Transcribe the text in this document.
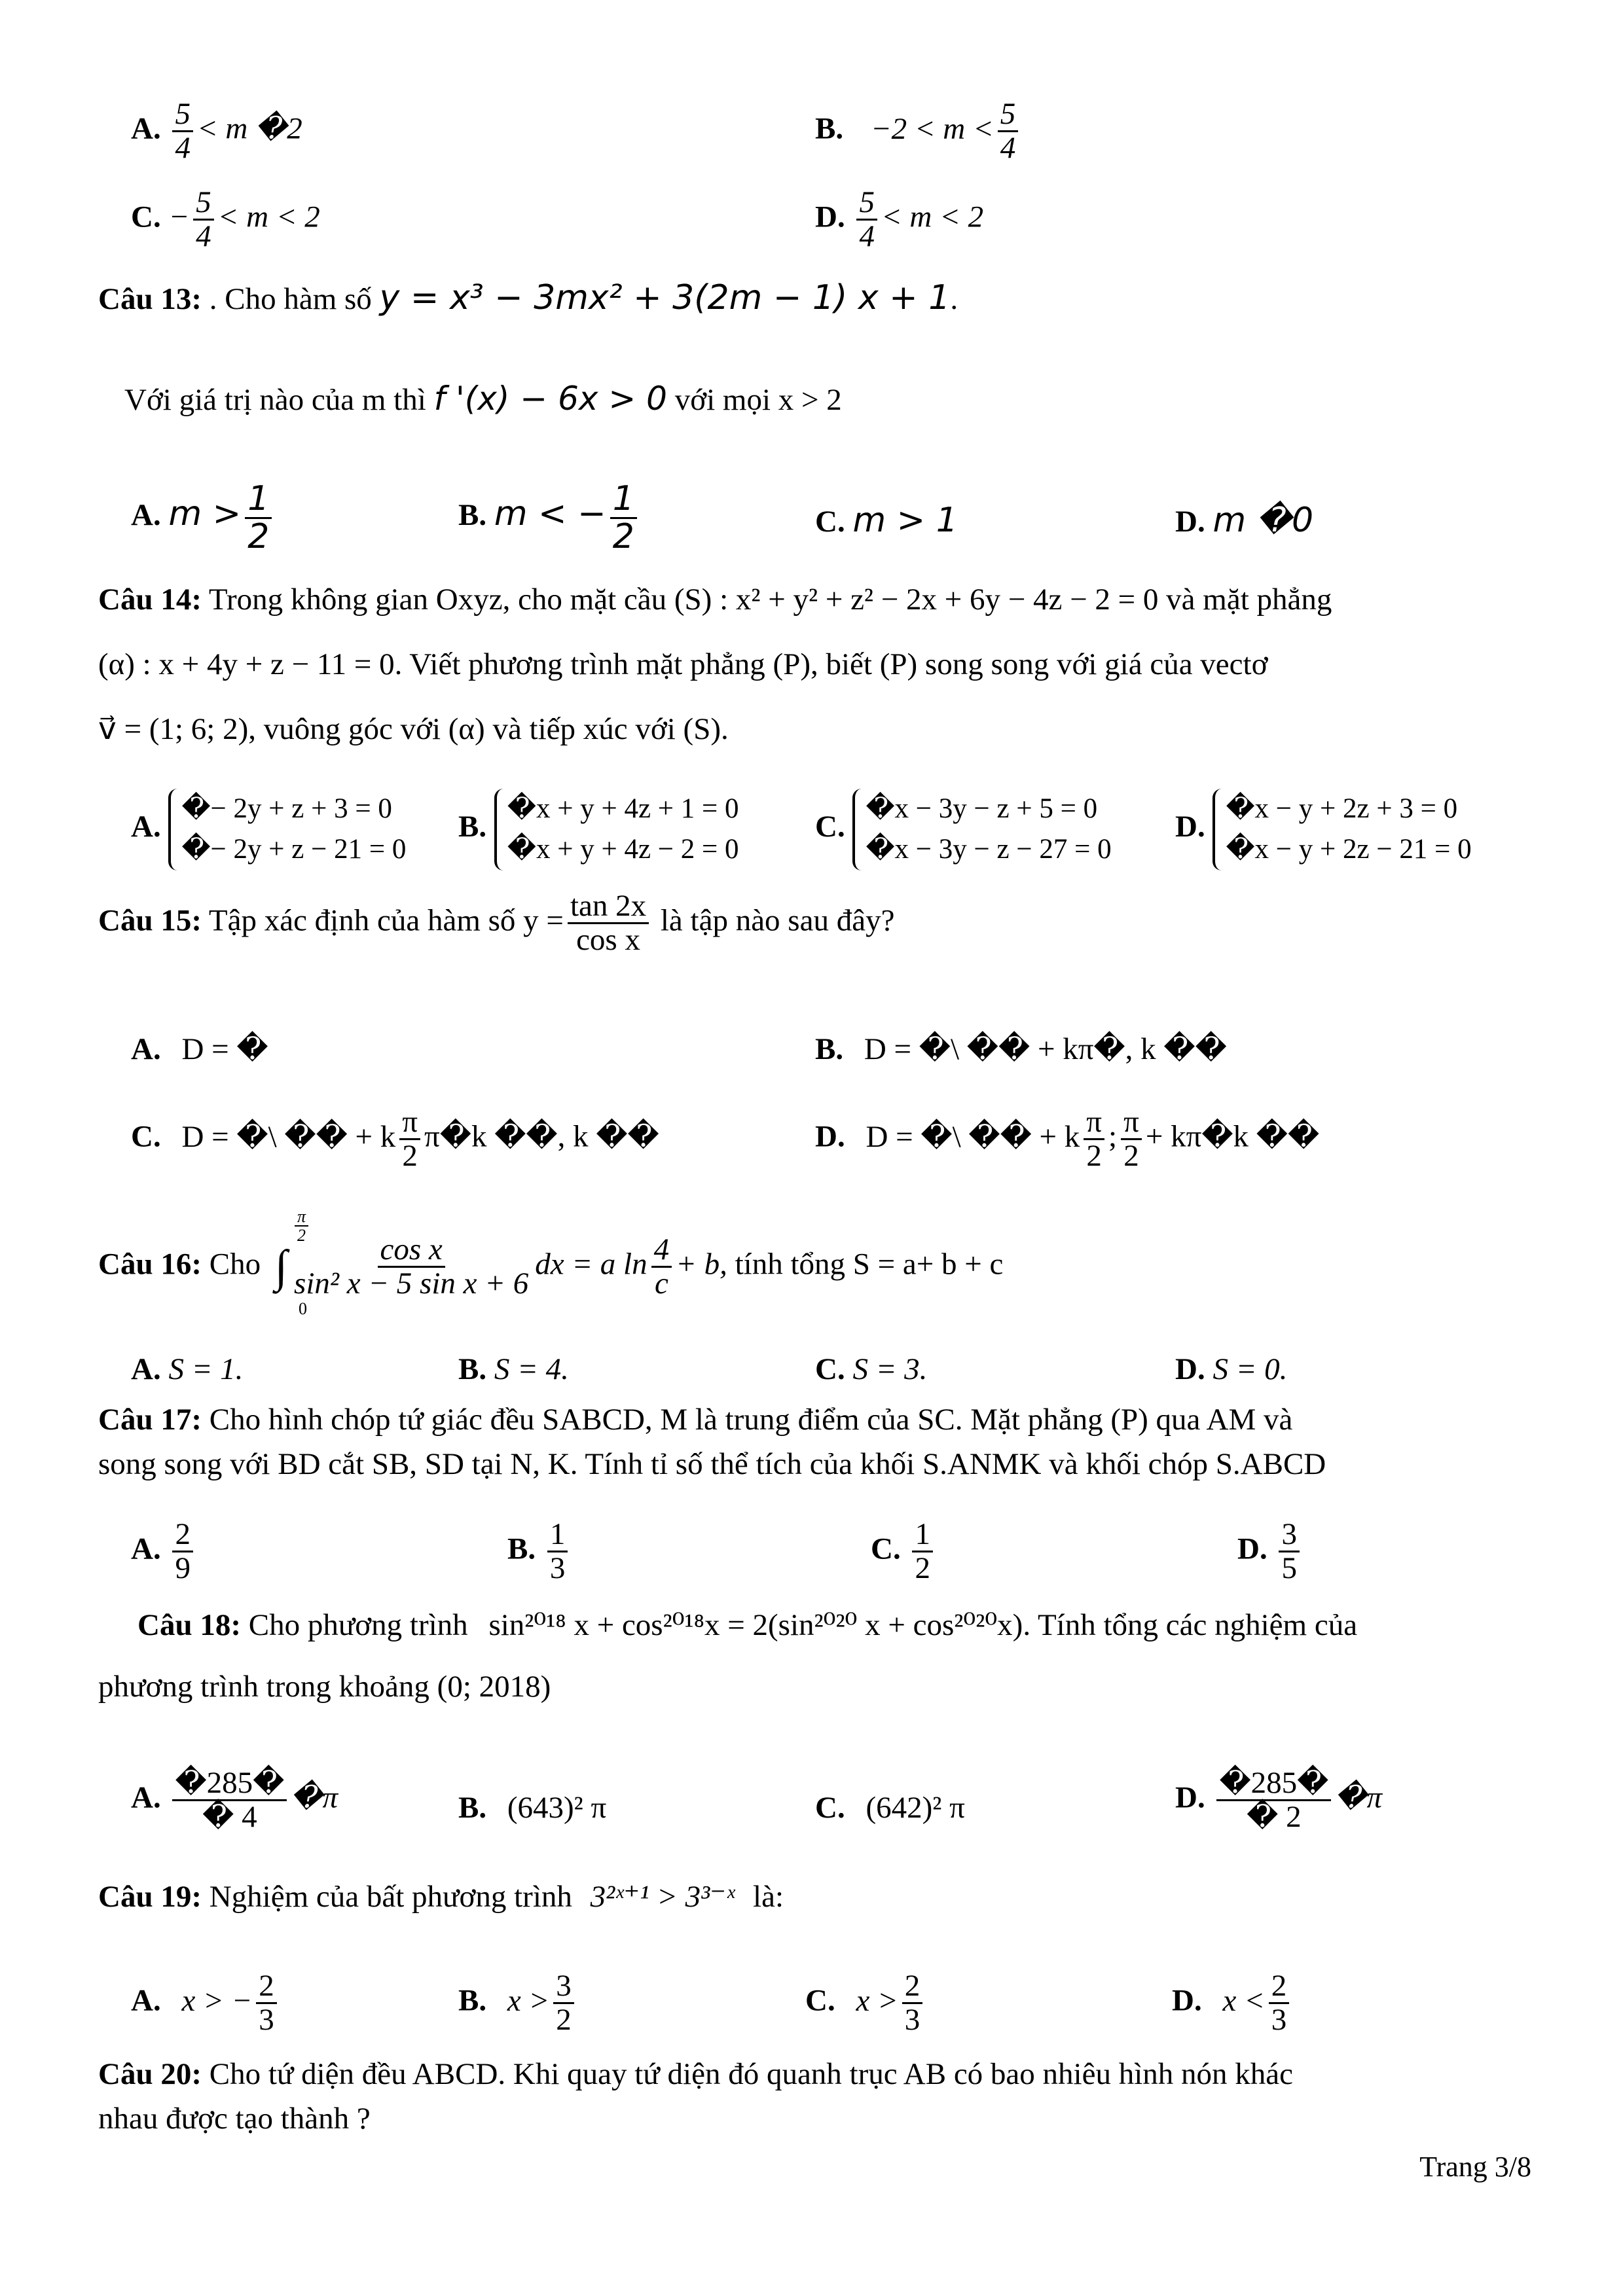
A. $\frac{5}{4} < m$ �2	B. $-2 < m < \frac{5}{4}$
C. − $\frac{5}{4} < m < 2$	D. $\frac{5}{4} < m < 2$
Câu 13: . Cho hàm số y = x³ − 3mx² + 3(2m − 1) x + 1.
Với giá trị nào của m thì f '(x) − 6x > 0 với mọi x > 2
A. $m > \frac{1}{2}$	B. m < − $\frac{1}{2}$	C. m > 1	D. m �0
Câu 14: Trong không gian Oxyz, cho mặt cầu (S) : x² + y² + z² − 2x + 6y − 4z − 2 = 0 và mặt phẳng
(α) : x + 4y + z − 11 = 0. Viết phương trình mặt phẳng (P), biết (P) song song với giá của vectơ
v⃗ = (1; 6; 2), vuông góc với (α) và tiếp xúc với (S).
A.
�− 2y + z + 3 = 0
�− 2y + z − 21 = 0
B.
�x + y + 4z + 1 = 0
�x + y + 4z − 2 = 0
C.
�x − 3y − z + 5 = 0
�x − 3y − z − 27 = 0
D.
�x − y + 2z + 3 = 0
�x − y + 2z − 21 = 0
Câu 15: Tập xác định của hàm số $y = \frac{\tan 2x}{\text{cos x}}$ là tập nào sau đây?
A. D = �	B. D = �\ �� + kπ�, k ��
C. D = �\ �� + k $\frac{\pi}{2}$ π�k ��, k ��	D. D = �\ �� + k $\frac{\pi}{2}$ ; $\frac{\pi}{2}$ + kπ�k ��
$\frac{\pi}{2}$
0
Câu 16: Cho ∫ $\frac{\text{cos x}}{\text{sin² x − 5 sin x + 6}}$ dx = a $\ln \frac{4}{c} + b$, tính tổng S = a+ b + c
A. S = 1.	B. S = 4.	C. S = 3.	D. S = 0.
Câu 17: Cho hình chóp tứ giác đều SABCD, M là trung điểm của SC. Mặt phẳng (P) qua AM và
song song với BD cắt SB, SD tại N, K. Tính tỉ số thể tích của khối S.ANMK và khối chóp S.ABCD
A. $\frac{2}{9}$	B. $\frac{1}{3}$	C. $\frac{1}{2}$	D. $\frac{3}{5}$
Câu 18: Cho phương trình sin²⁰¹⁸ x + cos²⁰¹⁸x = 2(sin²⁰²⁰ x + cos²⁰²⁰x). Tính tổng các nghiệm của
phương trình trong khoảng (0; 2018)
A. $\frac{�285�}{� 4}$ �π	B. (643)² π	C. (642)² π	D. $\frac{�285�}{� 2}$ �π
Câu 19: Nghiệm của bất phương trình 3²ˣ⁺¹ > 3³⁻ˣ là:
A. x > − $\frac{2}{3}$	B. $x > \frac{3}{2}$	C. $x > \frac{2}{3}$	D. $x < \frac{2}{3}$
Câu 20: Cho tứ diện đều ABCD. Khi quay tứ diện đó quanh trục AB có bao nhiêu hình nón khác
nhau được tạo thành ?
Trang 3/8
